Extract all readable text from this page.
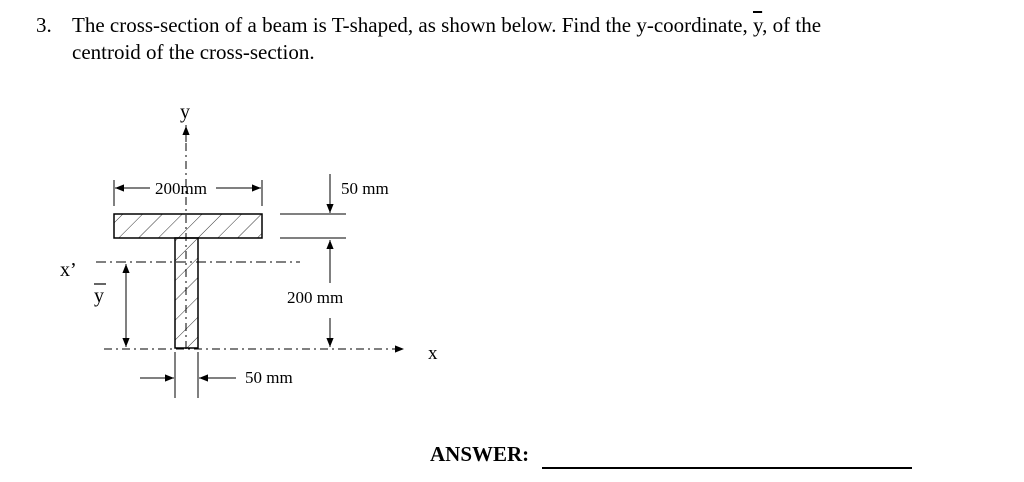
3. The cross-section of a beam is T-shaped, as shown below. Find the y-coordinate, $\overline{y}$, of the
centroid of the cross-section.
y
x
x’
y
200mm	50 mm
200 mm
50 mm
ANSWER:
